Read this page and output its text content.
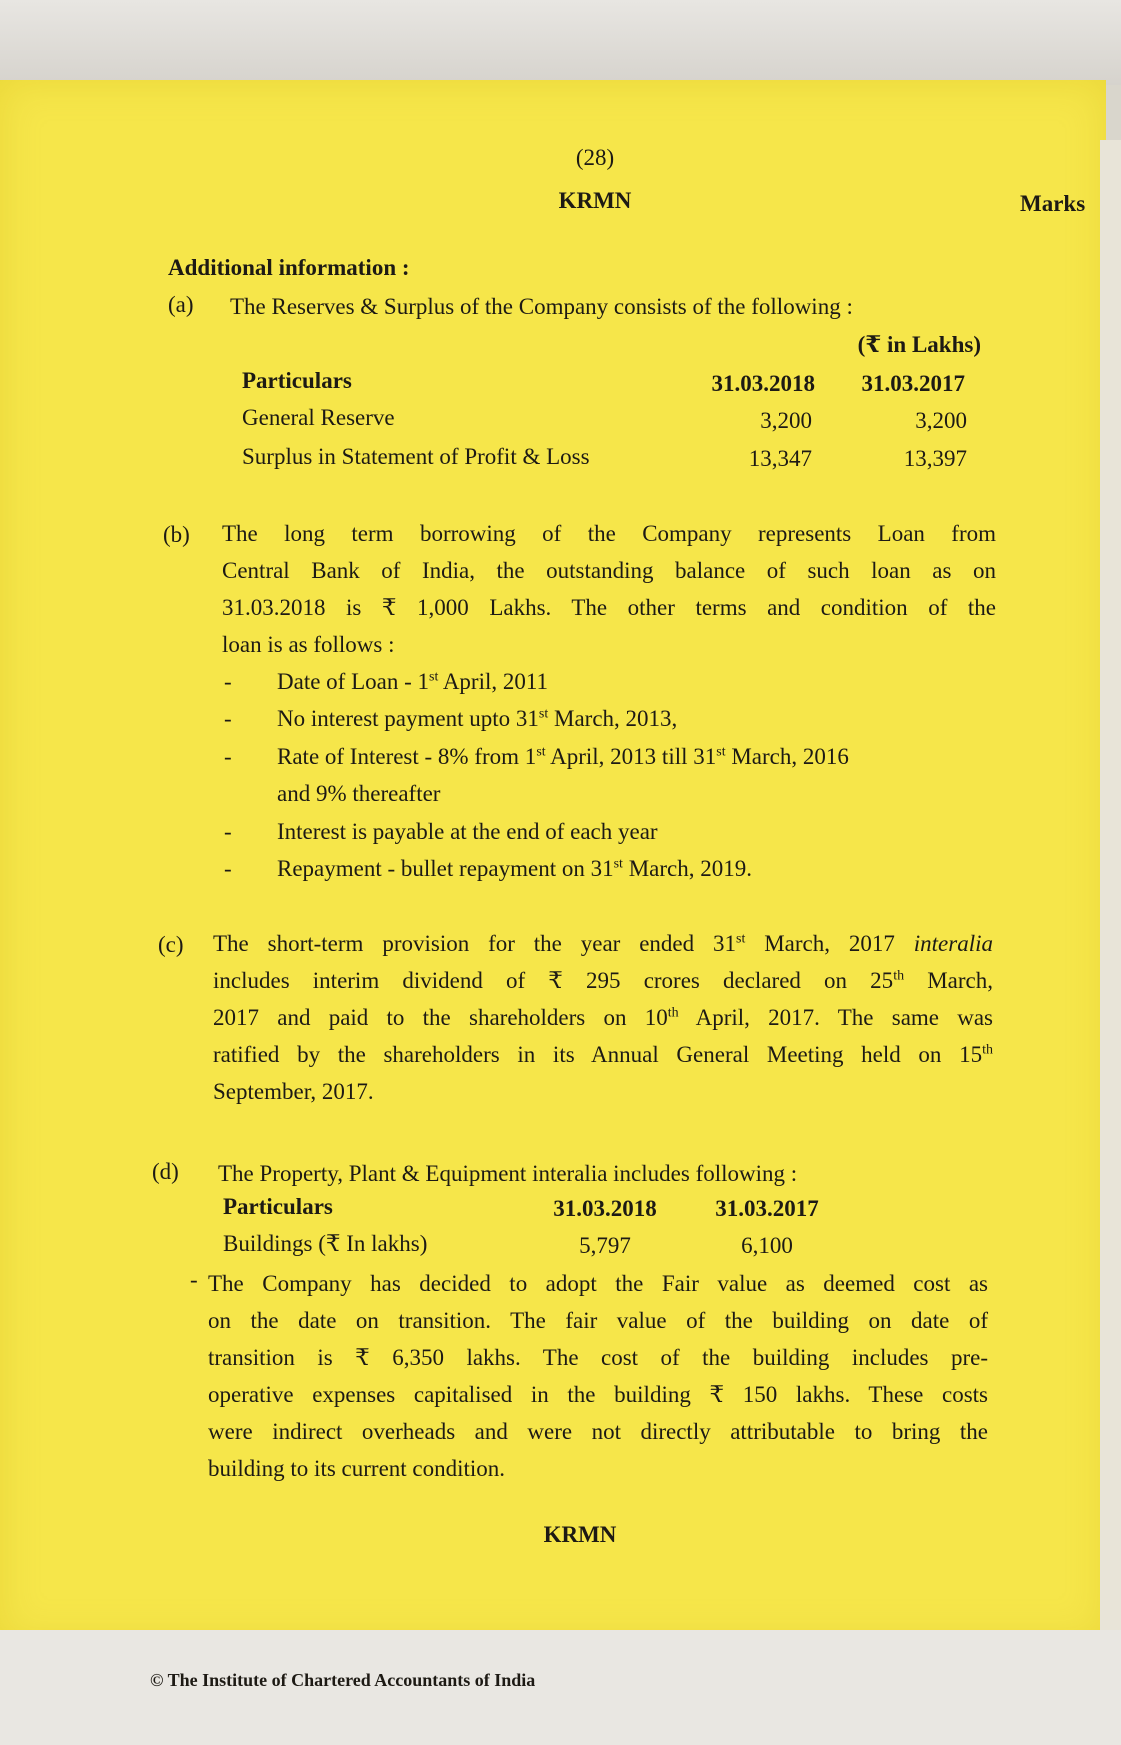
(28)
KRMN	Marks
Additional information :
(a) The Reserves & Surplus of the Company consists of the following :
(₹ in Lakhs)
Particulars	31.03.2018	31.03.2017
General Reserve	3,200	3,200
Surplus in Statement of Profit & Loss	13,347	13,397
(b) The long term borrowing of the Company represents Loan from
Central Bank of India, the outstanding balance of such loan as on
31.03.2018 is ₹ 1,000 Lakhs. The other terms and condition of the
loan is as follows :
- Date of Loan - 1st April, 2011
- No interest payment upto 31st March, 2013,
- Rate of Interest - 8% from 1st April, 2013 till 31st March, 2016
and 9% thereafter
- Interest is payable at the end of each year
- Repayment - bullet repayment on 31st March, 2019.
(c) The short-term provision for the year ended 31st March, 2017 interalia
includes interim dividend of ₹ 295 crores declared on 25th March,
2017 and paid to the shareholders on 10th April, 2017. The same was
ratified by the shareholders in its Annual General Meeting held on 15th
September, 2017.
(d) The Property, Plant & Equipment interalia includes following :
Particulars	31.03.2018	31.03.2017
Buildings (₹ In lakhs)	5,797	6,100
- The Company has decided to adopt the Fair value as deemed cost as
on the date on transition. The fair value of the building on date of
transition is ₹ 6,350 lakhs. The cost of the building includes pre-
operative expenses capitalised in the building ₹ 150 lakhs. These costs
were indirect overheads and were not directly attributable to bring the
building to its current condition.
KRMN
© The Institute of Chartered Accountants of India
